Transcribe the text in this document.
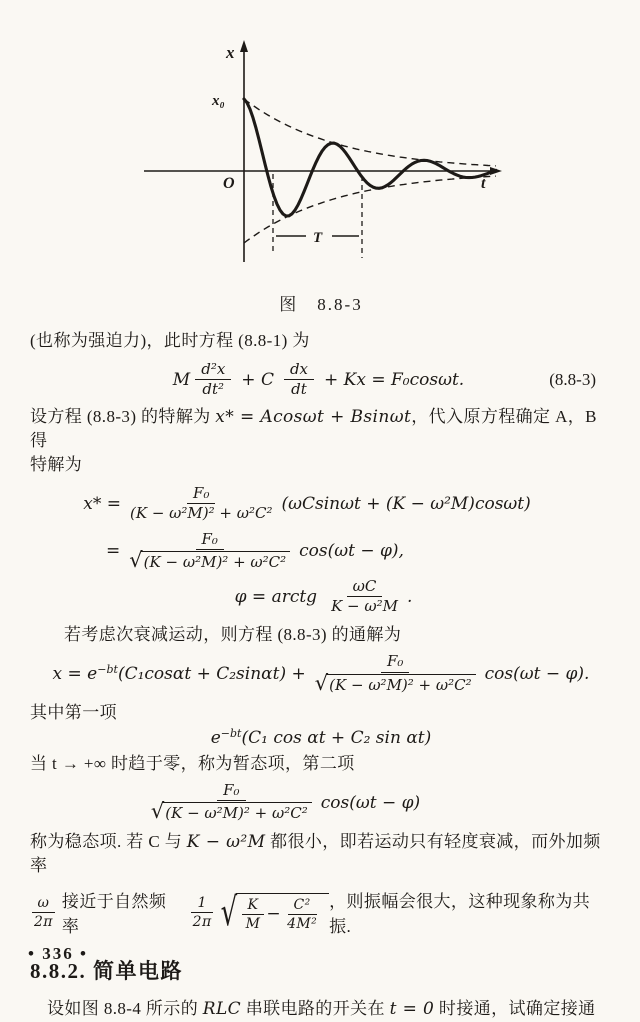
x
x₀
O	t
T
图　8.8-3

(也称为强迫力)，此时方程 (8.8-1) 为

M $\frac{\text{d²x}}{\text{dt²}} + C \frac{dx}{dt} + Kx = F_0\cos\omega t$.	(8.8-3)

设方程 (8.8-3) 的特解为 x* = Acosωt + Bsinωt，代入原方程确定 A，B 得

特解为

$x* = \frac{\text{F₀}}{\text{(K − ω²M)² + ω²C²}} (\omega Csin\omega t + (K - \omega^2M)\cos\omega t)$
= $\frac{\text{F₀}}{\text{√ (K − ω²M)² + ω²C²}} \cos(\omega t - \varphi)$,
φ = arctg $\frac{\omega C}{\text{K − ω²M}}$ .

若考虑次衰减运动，则方程 (8.8-3) 的通解为

$x = e^{-bt}(C_1\cos\alpha t + C_2\sin\alpha t) + \frac{\text{F₀}}{\text{√ (K − ω²M)² + ω²C²}} \cos(\omega t - \varphi)$.

其中第一项

$e^{-bt}(C_1$ cos αt + C₂ sin αt)

当 t → +∞ 时趋于零，称为暂态项，第二项

$\frac{\text{F₀}}{\text{√ (K − ω²M)² + ω²C²}} \cos(\omega t - \varphi)$

称为稳态项. 若 C 与 K − ω²M 都很小，即若运动只有轻度衰减，而外加频率

$\frac{\omega}{2\pi}$ 接近于自然频率	$\frac{1}{2\pi}$ √ $\frac{K}{M} - \frac{\text{C²}}{\text{4M²}}$ ，则振幅会很大，这种现象称为共振.
8.8.2. 简单电路

设如图 8.8-4 所示的 RLC 串联电路的开关在 t = 0 时接通，试确定接通

• 336 •
